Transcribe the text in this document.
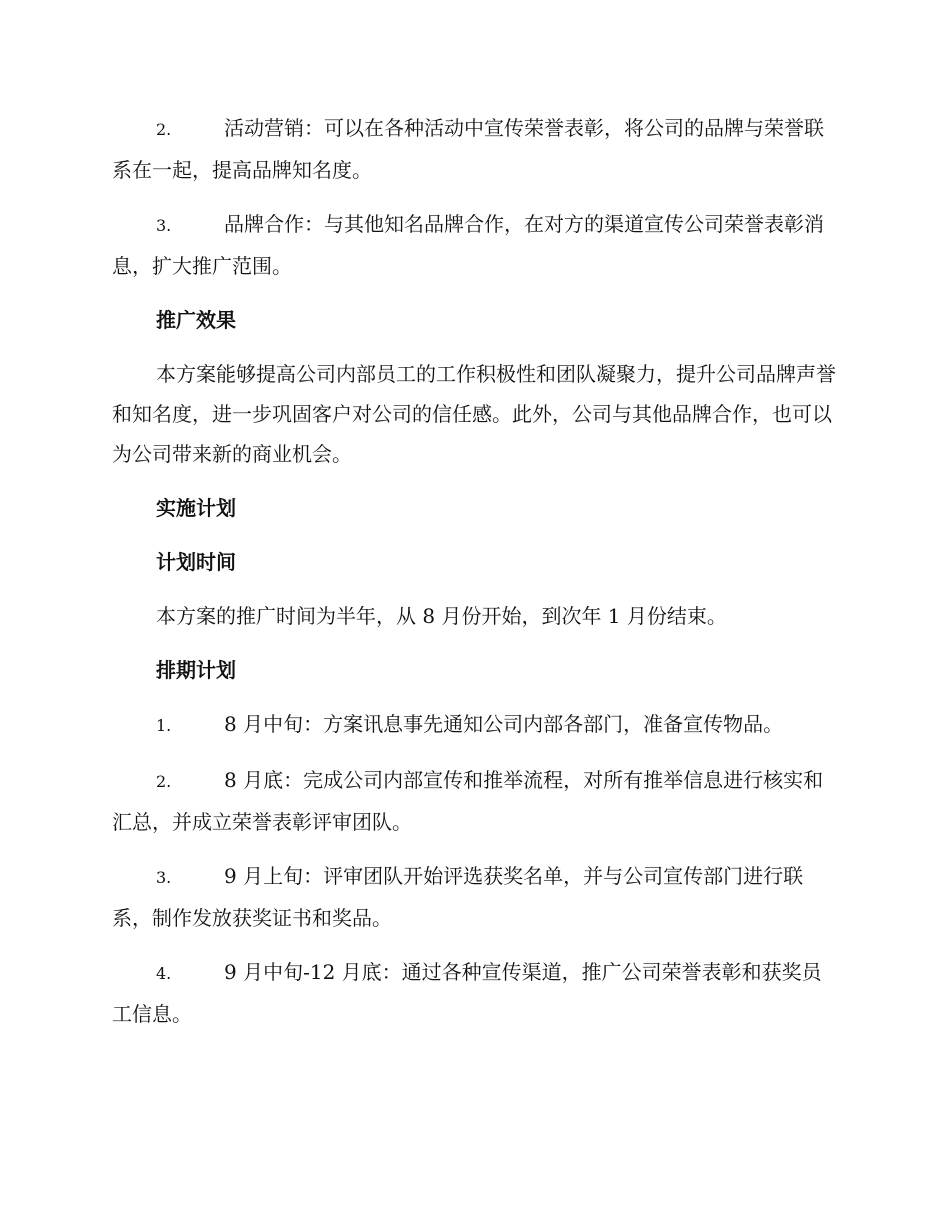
2.	活动营销：可以在各种活动中宣传荣誉表彰，将公司的品牌与荣誉联系在一起，提高品牌知名度。

3.	品牌合作：与其他知名品牌合作，在对方的渠道宣传公司荣誉表彰消息，扩大推广范围。

推广效果

本方案能够提高公司内部员工的工作积极性和团队凝聚力，提升公司品牌声誉和知名度，进一步巩固客户对公司的信任感。此外，公司与其他品牌合作，也可以为公司带来新的商业机会。

实施计划

计划时间

本方案的推广时间为半年，从 8 月份开始，到次年 1 月份结束。

排期计划

1.	8 月中旬：方案讯息事先通知公司内部各部门，准备宣传物品。

2.	8 月底：完成公司内部宣传和推举流程，对所有推举信息进行核实和汇总，并成立荣誉表彰评审团队。

3.	9 月上旬：评审团队开始评选获奖名单，并与公司宣传部门进行联系，制作发放获奖证书和奖品。

4.	9 月中旬-12 月底：通过各种宣传渠道，推广公司荣誉表彰和获奖员工信息。
